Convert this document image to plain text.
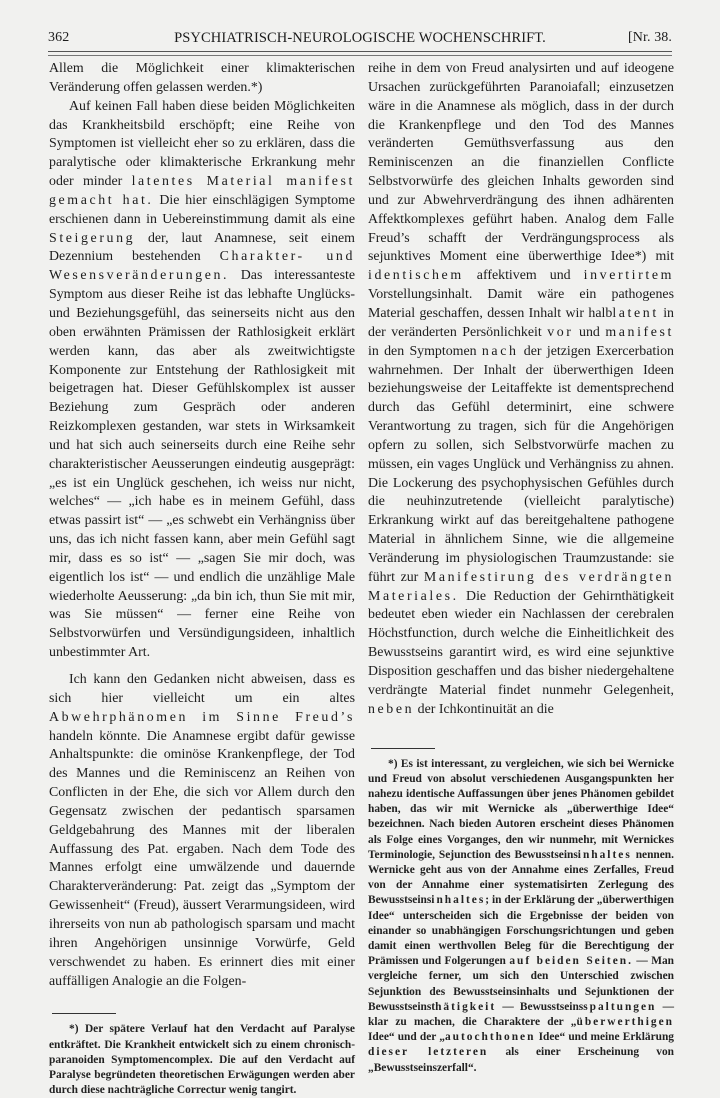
362	PSYCHIATRISCH-NEUROLOGISCHE WOCHENSCHRIFT.	[Nr. 38.

Allem die Möglichkeit einer klimakterischen Veränderung offen gelassen werden.*)

Auf keinen Fall haben diese beiden Möglichkeiten das Krankheitsbild erschöpft; eine Reihe von Symptomen ist vielleicht eher so zu erklären, dass die paralytische oder klimakterische Erkrankung mehr oder minder latentes Material manifest gemacht hat. Die hier einschlägigen Symptome erschienen dann in Uebereinstimmung damit als eine Steigerung der, laut Anamnese, seit einem Dezennium bestehenden Charakter- und Wesensveränderungen. Das interessanteste Symptom aus dieser Reihe ist das lebhafte Unglücks- und Beziehungsgefühl, das seinerseits nicht aus den oben erwähnten Prämissen der Rathlosigkeit erklärt werden kann, das aber als zweitwichtigste Komponente zur Entstehung der Rathlosigkeit mit beigetragen hat. Dieser Gefühlskomplex ist ausser Beziehung zum Gespräch oder anderen Reizkomplexen gestanden, war stets in Wirksamkeit und hat sich auch seinerseits durch eine Reihe sehr charakteristischer Aeusserungen eindeutig ausgeprägt: „es ist ein Unglück geschehen, ich weiss nur nicht, welches“ — „ich habe es in meinem Gefühl, dass etwas passirt ist“ — „es schwebt ein Verhängniss über uns, das ich nicht fassen kann, aber mein Gefühl sagt mir, dass es so ist“ — „sagen Sie mir doch, was eigentlich los ist“ — und endlich die unzählige Male wiederholte Aeusserung: „da bin ich, thun Sie mit mir, was Sie müssen“ — ferner eine Reihe von Selbstvorwürfen und Versündigungsideen, inhaltlich unbestimmter Art.

Ich kann den Gedanken nicht abweisen, dass es sich hier vielleicht um ein altes Abwehrphänomen im Sinne Freud’s handeln könnte. Die Anamnese ergibt dafür gewisse Anhaltspunkte: die ominöse Krankenpflege, der Tod des Mannes und die Reminiscenz an Reihen von Conflicten in der Ehe, die sich vor Allem durch den Gegensatz zwischen der pedantisch sparsamen Geldgebahrung des Mannes mit der liberalen Auffassung des Pat. ergaben. Nach dem Tode des Mannes erfolgt eine umwälzende und dauernde Charakterveränderung: Pat. zeigt das „Symptom der Gewissenheit“ (Freud), äussert Verarmungsideen, wird ihrerseits von nun ab pathologisch sparsam und macht ihren Angehörigen unsinnige Vorwürfe, Geld verschwendet zu haben. Es erinnert dies mit einer auffälligen Analogie an die Folgen-

*) Der spätere Verlauf hat den Verdacht auf Paralyse entkräftet. Die Krankheit entwickelt sich zu einem chronisch-paranoiden Symptomencomplex. Die auf den Verdacht auf Paralyse begründeten theoretischen Erwägungen werden aber durch diese nachträgliche Correctur wenig tangirt.

reihe in dem von Freud analysirten und auf ideogene Ursachen zurückgeführten Paranoiafall; einzusetzen wäre in die Anamnese als möglich, dass in der durch die Krankenpflege und den Tod des Mannes veränderten Gemüthsverfassung aus den Reminiscenzen an die finanziellen Conflicte Selbstvorwürfe des gleichen Inhalts geworden sind und zur Abwehrverdrängung des ihnen adhärenten Affektkomplexes geführt haben. Analog dem Falle Freud’s schafft der Verdrängungsprocess als sejunktives Moment eine überwerthige Idee*) mit identischem affektivem und invertirtem Vorstellungsinhalt. Damit wäre ein pathogenes Material geschaffen, dessen Inhalt wir halblatent in der veränderten Persönlichkeit vor und manifest in den Symptomen nach der jetzigen Exercerbation wahrnehmen. Der Inhalt der überwerthigen Ideen beziehungsweise der Leitaffekte ist dementsprechend durch das Gefühl determinirt, eine schwere Verantwortung zu tragen, sich für die Angehörigen opfern zu sollen, sich Selbstvorwürfe machen zu müssen, ein vages Unglück und Verhängniss zu ahnen. Die Lockerung des psychophysischen Gefühles durch die neuhinzutretende (vielleicht paralytische) Erkrankung wirkt auf das bereitgehaltene pathogene Material in ähnlichem Sinne, wie die allgemeine Veränderung im physiologischen Traumzustande: sie führt zur Manifestirung des verdrängten Materiales. Die Reduction der Gehirnthätigkeit bedeutet eben wieder ein Nachlassen der cerebralen Höchstfunction, durch welche die Einheitlichkeit des Bewusstseins garantirt wird, es wird eine sejunktive Disposition geschaffen und das bisher niedergehaltene verdrängte Material findet nunmehr Gelegenheit, neben der Ichkontinuität an die

*) Es ist interessant, zu vergleichen, wie sich bei Wernicke und Freud von absolut verschiedenen Ausgangspunkten her nahezu identische Auffassungen über jenes Phänomen gebildet haben, das wir mit Wernicke als „überwerthige Idee“ bezeichnen. Nach bieden Autoren erscheint dieses Phänomen als Folge eines Vorganges, den wir nunmehr, mit Wernickes Terminologie, Sejunction des Bewusstseinsinhaltes nennen. Wernicke geht aus von der Annahme eines Zerfalles, Freud von der Annahme einer systematisirten Zerlegung des Bewusstseinsinhaltes; in der Erklärung der „überwerthigen Idee“ unterscheiden sich die Ergebnisse der beiden von einander so unabhängigen Forschungsrichtungen und geben damit einen werthvollen Beleg für die Berechtigung der Prämissen und Folgerungen auf beiden Seiten. — Man vergleiche ferner, um sich den Unterschied zwischen Sejunktion des Bewusstseinsinhalts und Sejunktionen der Bewusstseinsthätigkeit — Bewusstseinsspaltungen — klar zu machen, die Charaktere der „überwerthigen Idee“ und der „autochthonen Idee“ und meine Erklärung dieser letzteren als einer Erscheinung von „Bewusstseinszerfall“.
